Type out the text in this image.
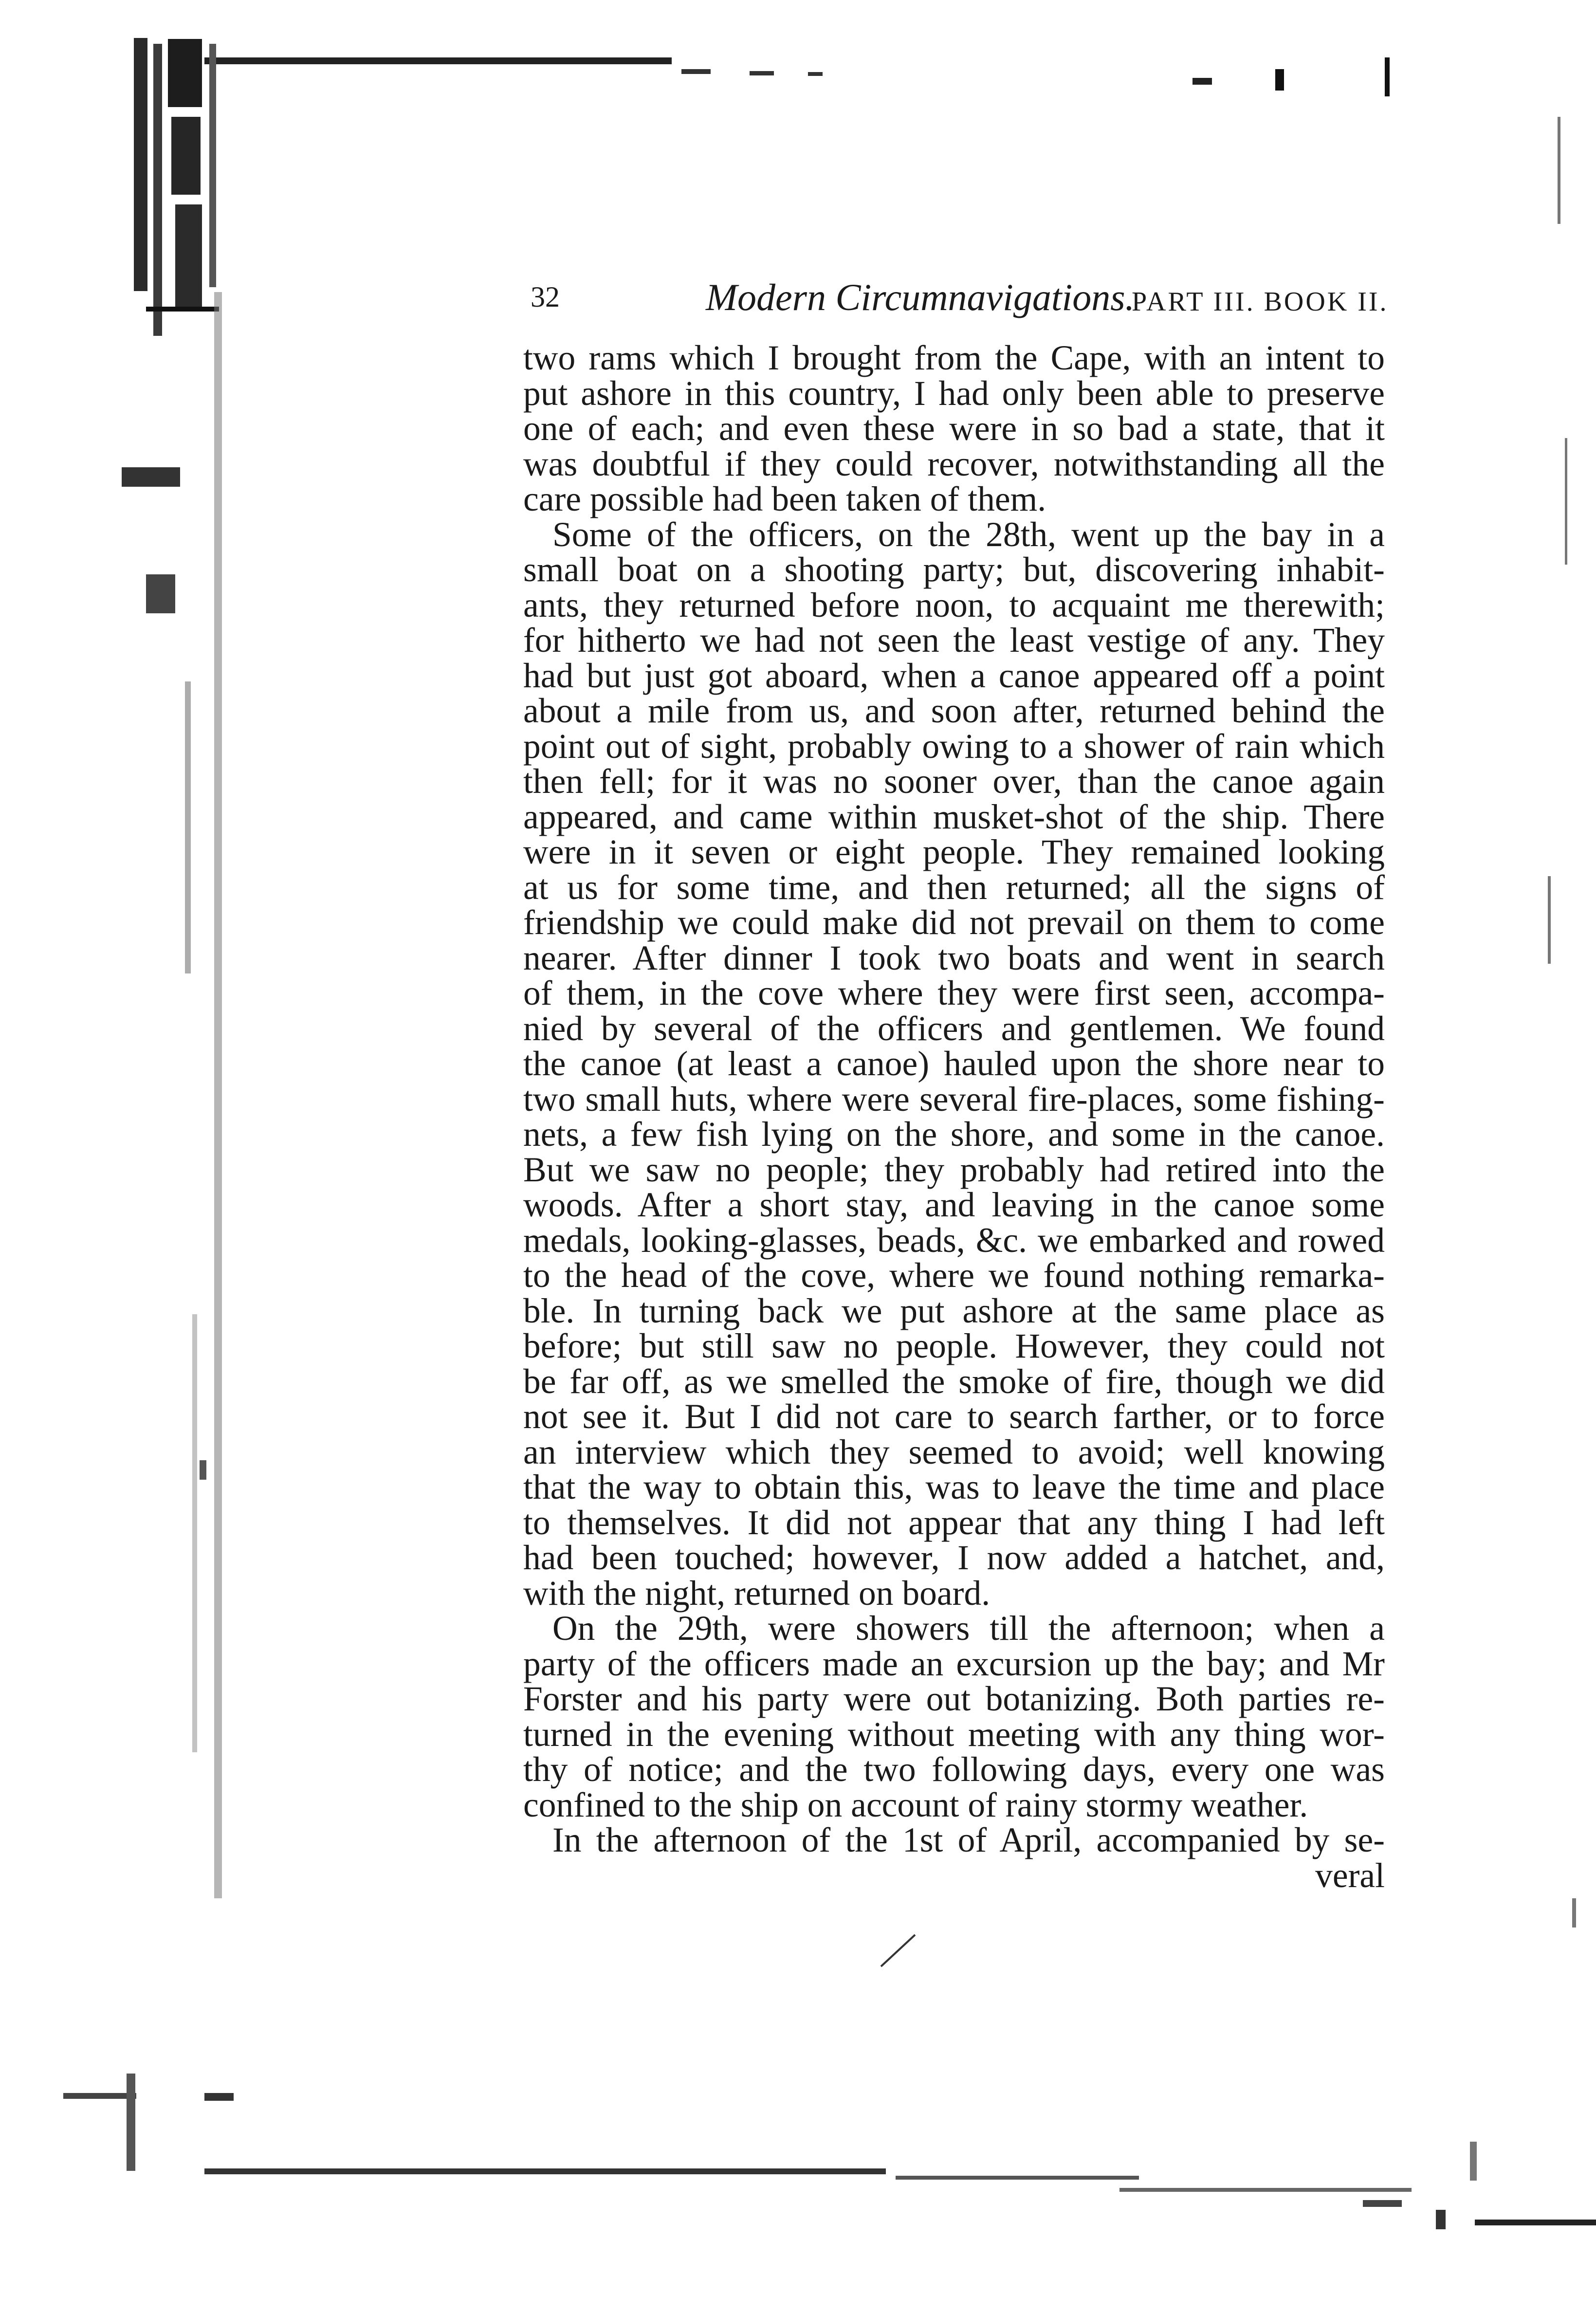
32	Modern Circumnavigations.
PART III. BOOK II.
two rams which I brought from the Cape, with an intent to
put ashore in this country, I had only been able to preserve
one of each; and even these were in so bad a state, that it
was doubtful if they could recover, notwithstanding all the
care possible had been taken of them.
Some of the officers, on the 28th, went up the bay in a
small boat on a shooting party; but, discovering inhabit-
ants, they returned before noon, to acquaint me therewith;
for hitherto we had not seen the least vestige of any. They
had but just got aboard, when a canoe appeared off a point
about a mile from us, and soon after, returned behind the
point out of sight, probably owing to a shower of rain which
then fell; for it was no sooner over, than the canoe again
appeared, and came within musket-shot of the ship. There
were in it seven or eight people. They remained looking
at us for some time, and then returned; all the signs of
friendship we could make did not prevail on them to come
nearer. After dinner I took two boats and went in search
of them, in the cove where they were first seen, accompa-
nied by several of the officers and gentlemen. We found
the canoe (at least a canoe) hauled upon the shore near to
two small huts, where were several fire-places, some fishing-
nets, a few fish lying on the shore, and some in the canoe.
But we saw no people; they probably had retired into the
woods. After a short stay, and leaving in the canoe some
medals, looking-glasses, beads, &c. we embarked and rowed
to the head of the cove, where we found nothing remarka-
ble. In turning back we put ashore at the same place as
before; but still saw no people. However, they could not
be far off, as we smelled the smoke of fire, though we did
not see it. But I did not care to search farther, or to force
an interview which they seemed to avoid; well knowing
that the way to obtain this, was to leave the time and place
to themselves. It did not appear that any thing I had left
had been touched; however, I now added a hatchet, and,
with the night, returned on board.
On the 29th, were showers till the afternoon; when a
party of the officers made an excursion up the bay; and Mr
Forster and his party were out botanizing. Both parties re-
turned in the evening without meeting with any thing wor-
thy of notice; and the two following days, every one was
confined to the ship on account of rainy stormy weather.
In the afternoon of the 1st of April, accompanied by se-
veral
